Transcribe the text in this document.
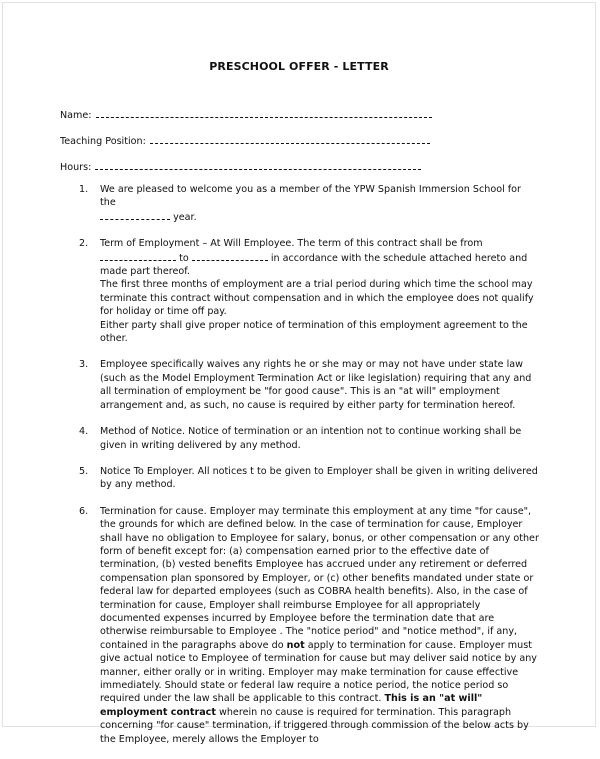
PRESCHOOL OFFER - LETTER
Name:
Teaching Position:
Hours:
1. We are pleased to welcome you as a member of the YPW Spanish Immersion School for the
year.

2. Term of Employment – At Will Employee. The term of this contract shall be from
to	in accordance with the schedule attached hereto and made part thereof.
The first three months of employment are a trial period during which time the school may terminate this contract without compensation and in which the employee does not qualify for holiday or time off pay.
Either party shall give proper notice of termination of this employment agreement to the other.

3. Employee specifically waives any rights he or she may or may not have under state law (such as the Model Employment Termination Act or like legislation) requiring that any and all termination of employment be "for good cause". This is an "at will" employment arrangement and, as such, no cause is required by either party for termination hereof.

4. Method of Notice. Notice of termination or an intention not to continue working shall be given in writing delivered by any method.

5. Notice To Employer. All notices t to be given to Employer shall be given in writing delivered by any method.

6. Termination for cause. Employer may terminate this employment at any time "for cause", the grounds for which are defined below. In the case of termination for cause, Employer shall have no obligation to Employee for salary, bonus, or other compensation or any other form of benefit except for: (a) compensation earned prior to the effective date of termination, (b) vested benefits Employee has accrued under any retirement or deferred compensation plan sponsored by Employer, or (c) other benefits mandated under state or federal law for departed employees (such as COBRA health benefits). Also, in the case of termination for cause, Employer shall reimburse Employee for all appropriately documented expenses incurred by Employee before the termination date that are otherwise reimbursable to Employee . The "notice period" and "notice method", if any, contained in the paragraphs above do not apply to termination for cause. Employer must give actual notice to Employee of termination for cause but may deliver said notice by any manner, either orally or in writing. Employer may make termination for cause effective immediately. Should state or federal law require a notice period, the notice period so required under the law shall be applicable to this contract. This is an "at will" employment contract wherein no cause is required for termination. This paragraph concerning "for cause" termination, if triggered through commission of the below acts by the Employee, merely allows the Employer to
